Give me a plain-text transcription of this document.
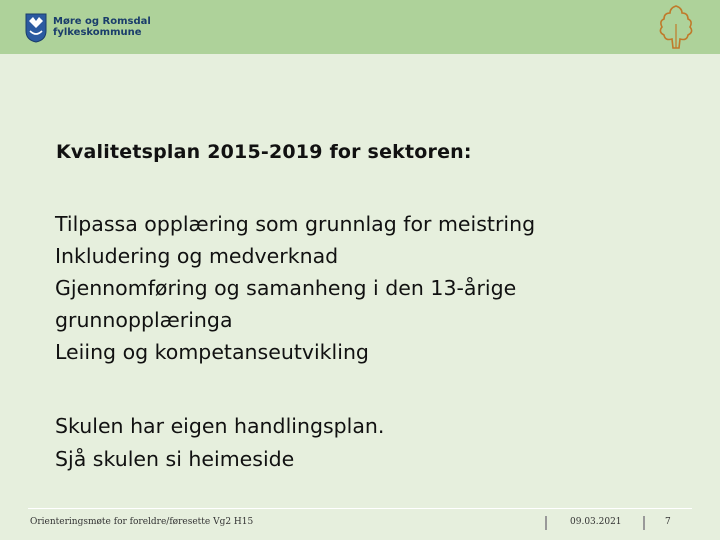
Møre og Romsdal
fylkeskommune
Kvalitetsplan 2015-2019 for sektoren:
Tilpassa opplæring som grunnlag for meistring
Inkludering og medverknad
Gjennomføring og samanheng i den 13-årige grunnopplæringa
Leiing og kompetanseutvikling
Skulen har eigen handlingsplan.
Sjå skulen si heimeside
Orienteringsmøte for foreldre/føresette Vg2 H15	09.03.2021	7
